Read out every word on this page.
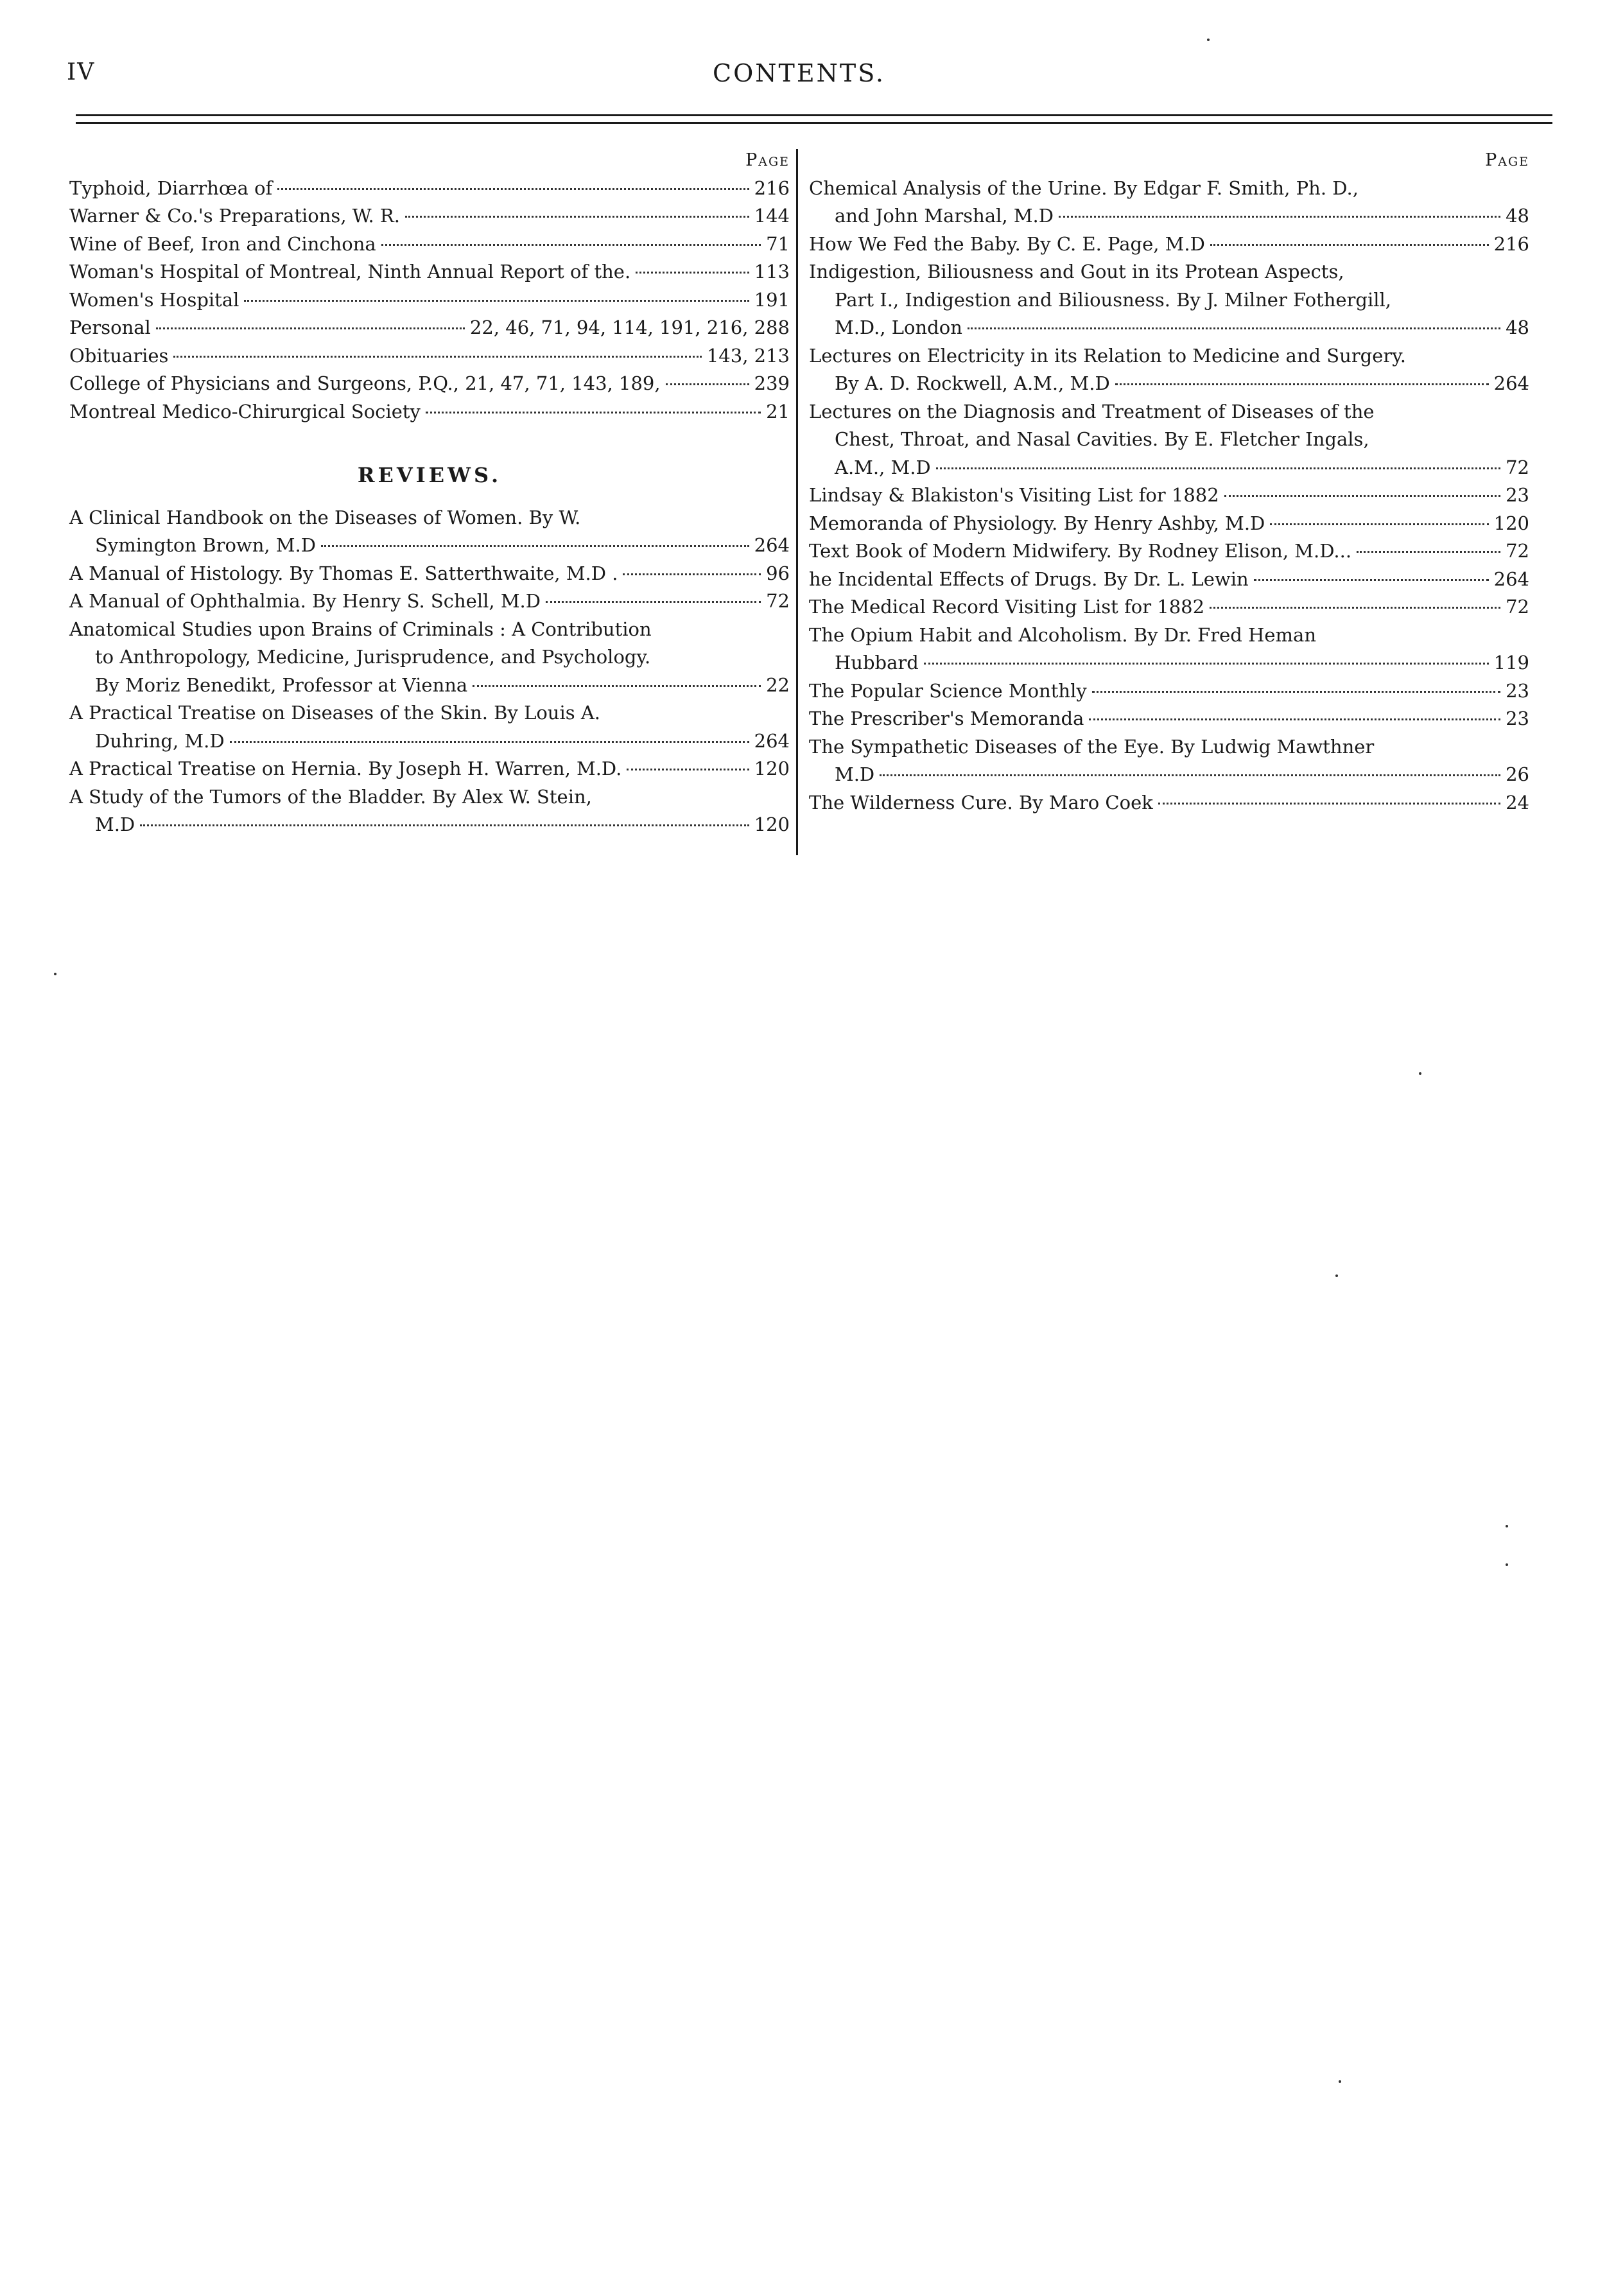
IV	CONTENTS.
Page
Typhoid, Diarrhœa of	216
Warner & Co.'s Preparations, W. R.	144
Wine of Beef, Iron and Cinchona	71
Woman's Hospital of Montreal, Ninth Annual Report of the.	113
Women's Hospital	191
Personal	22, 46, 71, 94, 114, 191, 216, 288
Obituaries	143, 213
College of Physicians and Surgeons, P.Q., 21, 47, 71, 143, 189,	239
Montreal Medico-Chirurgical Society	21
REVIEWS.
A Clinical Handbook on the Diseases of Women. By W.
Symington Brown, M.D	264
A Manual of Histology. By Thomas E. Satterthwaite, M.D .	96
A Manual of Ophthalmia. By Henry S. Schell, M.D	72
Anatomical Studies upon Brains of Criminals : A Contribution
to Anthropology, Medicine, Jurisprudence, and Psychology.
By Moriz Benedikt, Professor at Vienna	22
A Practical Treatise on Diseases of the Skin. By Louis A.
Duhring, M.D	264
A Practical Treatise on Hernia. By Joseph H. Warren, M.D.	120
A Study of the Tumors of the Bladder. By Alex W. Stein,
M.D	120
Page
Chemical Analysis of the Urine. By Edgar F. Smith, Ph. D.,
and John Marshal, M.D	48
How We Fed the Baby. By C. E. Page, M.D	216
Indigestion, Biliousness and Gout in its Protean Aspects,
Part I., Indigestion and Biliousness. By J. Milner Fothergill,
M.D., London	48
Lectures on Electricity in its Relation to Medicine and Surgery.
By A. D. Rockwell, A.M., M.D	264
Lectures on the Diagnosis and Treatment of Diseases of the
Chest, Throat, and Nasal Cavities. By E. Fletcher Ingals,
A.M., M.D	72
Lindsay & Blakiston's Visiting List for 1882	23
Memoranda of Physiology. By Henry Ashby, M.D	120
Text Book of Modern Midwifery. By Rodney Elison, M.D...	72
he Incidental Effects of Drugs. By Dr. L. Lewin	264
The Medical Record Visiting List for 1882	72
The Opium Habit and Alcoholism. By Dr. Fred Heman
Hubbard	119
The Popular Science Monthly	23
The Prescriber's Memoranda	23
The Sympathetic Diseases of the Eye. By Ludwig Mawthner
M.D	26
The Wilderness Cure. By Maro Coek	24
